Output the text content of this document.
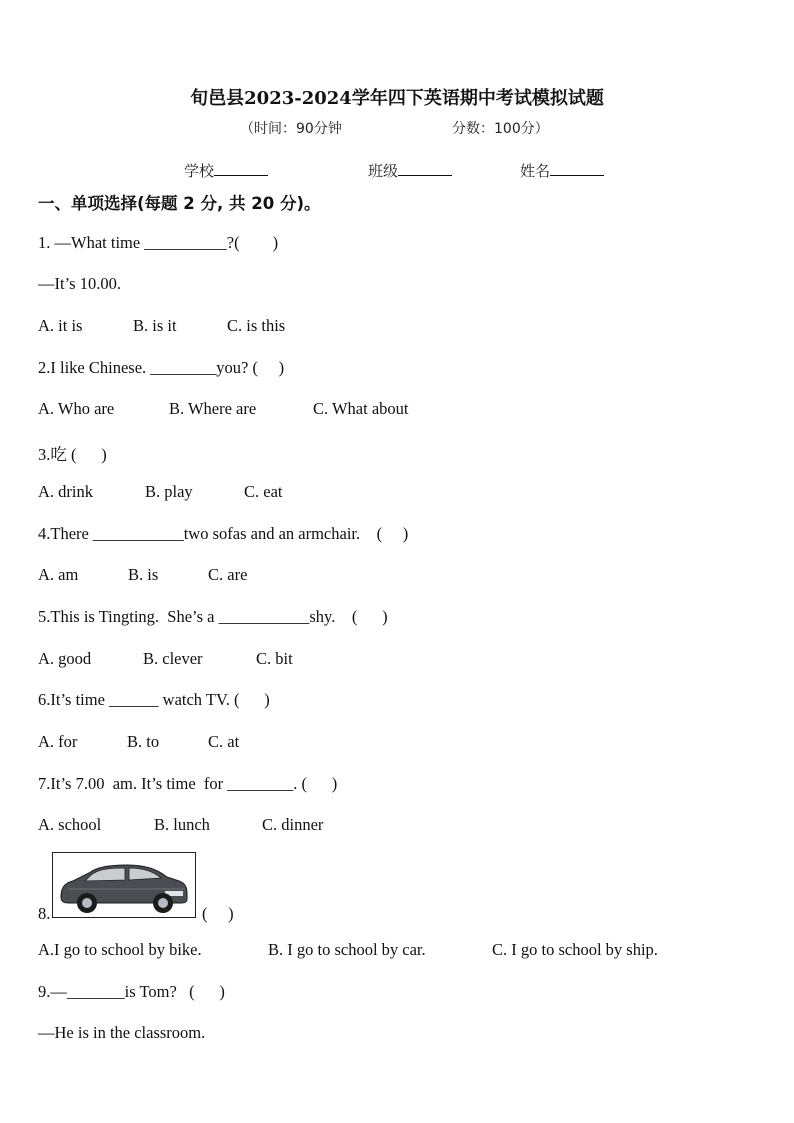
旬邑县2023-2024学年四下英语期中考试模拟试题
（时间：90分钟	分数：100分）
学校	班级	姓名
一、单项选择(每题 2 分, 共 20 分)。
1. —What time __________?(        )
—It’s 10.00.
A. it is	B. is it	C. is this
2.I like Chinese. ________you? (     )
A. Who are	B. Where are	C. What about
3.吃 (      )
A. drink	B. play	C. eat
4.There ___________two sofas and an armchair.    (     )
A. am	B. is	C. are
5.This is Tingting.  She’s a ___________shy.    (      )
A. good	B. clever	C. bit
6.It’s time ______ watch TV. (      )
A. for	B. to	C. at
7.It’s 7.00  am. It’s time  for ________. (      )
A. school	B. lunch	C. dinner
8.	(     )
A.I go to school by bike.	B. I go to school by car.	C. I go to school by ship.
9.—_______is Tom?   (      )
—He is in the classroom.
